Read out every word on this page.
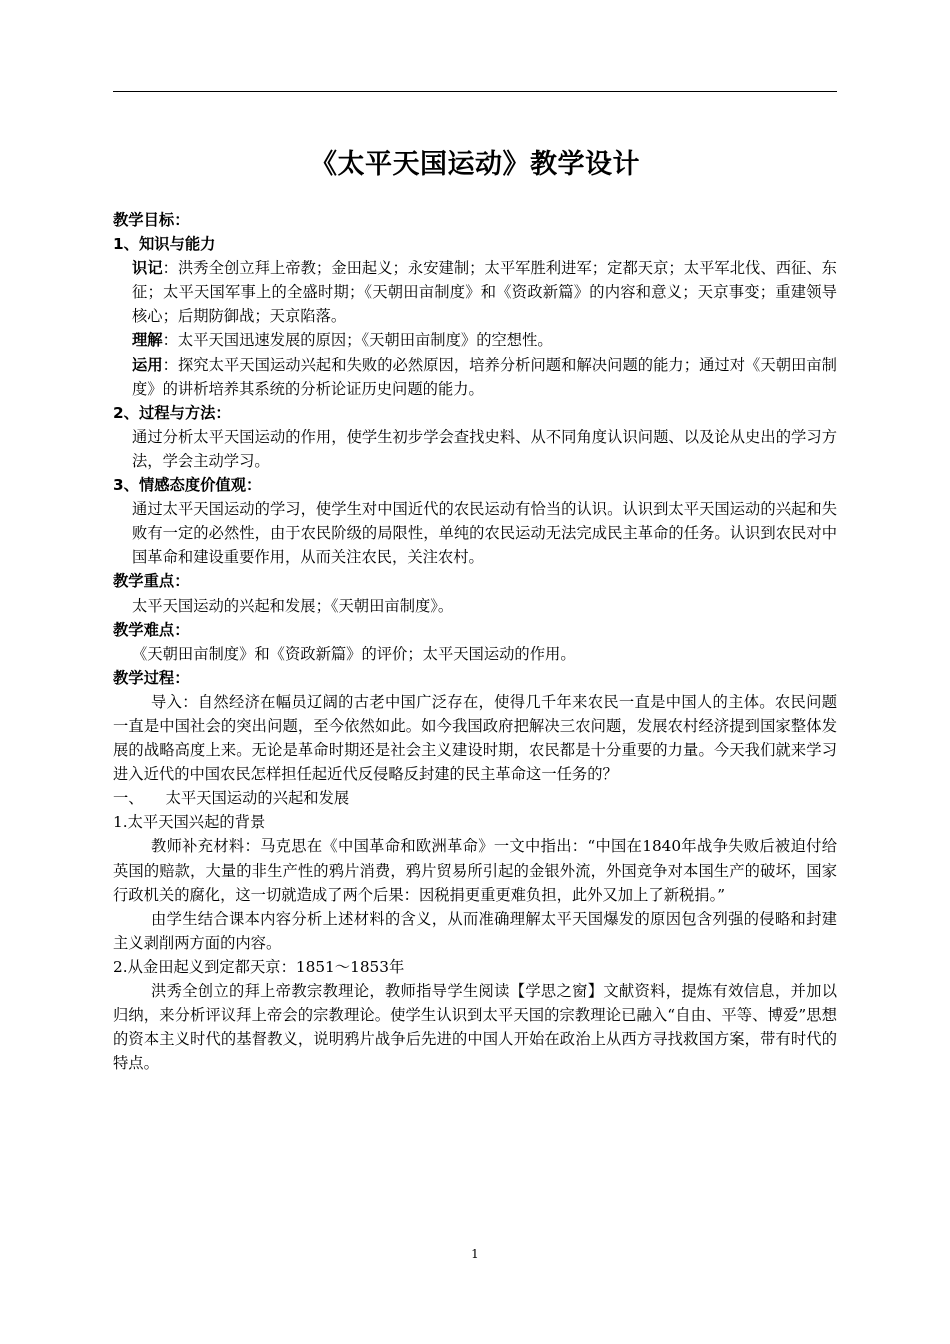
《太平天国运动》教学设计

教学目标：

1、知识与能力

识记：洪秀全创立拜上帝教；金田起义；永安建制；太平军胜利进军；定都天京；太平军北伐、西征、东征；太平天国军事上的全盛时期；《天朝田亩制度》和《资政新篇》的内容和意义；天京事变；重建领导核心；后期防御战；天京陷落。

理解：太平天国迅速发展的原因；《天朝田亩制度》的空想性。

运用：探究太平天国运动兴起和失败的必然原因，培养分析问题和解决问题的能力；通过对《天朝田亩制度》的讲析培养其系统的分析论证历史问题的能力。

2、过程与方法：

通过分析太平天国运动的作用，使学生初步学会查找史料、从不同角度认识问题、以及论从史出的学习方法，学会主动学习。

3、情感态度价值观：

通过太平天国运动的学习，使学生对中国近代的农民运动有恰当的认识。认识到太平天国运动的兴起和失败有一定的必然性，由于农民阶级的局限性，单纯的农民运动无法完成民主革命的任务。认识到农民对中国革命和建设重要作用，从而关注农民，关注农村。

教学重点：

太平天国运动的兴起和发展；《天朝田亩制度》。

教学难点：

《天朝田亩制度》和《资政新篇》的评价；太平天国运动的作用。

教学过程：

导入：自然经济在幅员辽阔的古老中国广泛存在，使得几千年来农民一直是中国人的主体。农民问题一直是中国社会的突出问题，至今依然如此。如今我国政府把解决三农问题，发展农村经济提到国家整体发展的战略高度上来。无论是革命时期还是社会主义建设时期，农民都是十分重要的力量。今天我们就来学习进入近代的中国农民怎样担任起近代反侵略反封建的民主革命这一任务的？

一、 太平天国运动的兴起和发展

1.太平天国兴起的背景

教师补充材料：马克思在《中国革命和欧洲革命》一文中指出：“中国在1840年战争失败后被迫付给英国的赔款，大量的非生产性的鸦片消费，鸦片贸易所引起的金银外流，外国竞争对本国生产的破坏，国家行政机关的腐化，这一切就造成了两个后果：因税捐更重更难负担，此外又加上了新税捐。”

由学生结合课本内容分析上述材料的含义，从而准确理解太平天国爆发的原因包含列强的侵略和封建主义剥削两方面的内容。

2.从金田起义到定都天京：1851～1853年

洪秀全创立的拜上帝教宗教理论，教师指导学生阅读【学思之窗】文献资料，提炼有效信息，并加以归纳，来分析评议拜上帝会的宗教理论。使学生认识到太平天国的宗教理论已融入“自由、平等、博爱”思想的资本主义时代的基督教义，说明鸦片战争后先进的中国人开始在政治上从西方寻找救国方案，带有时代的特点。

1
